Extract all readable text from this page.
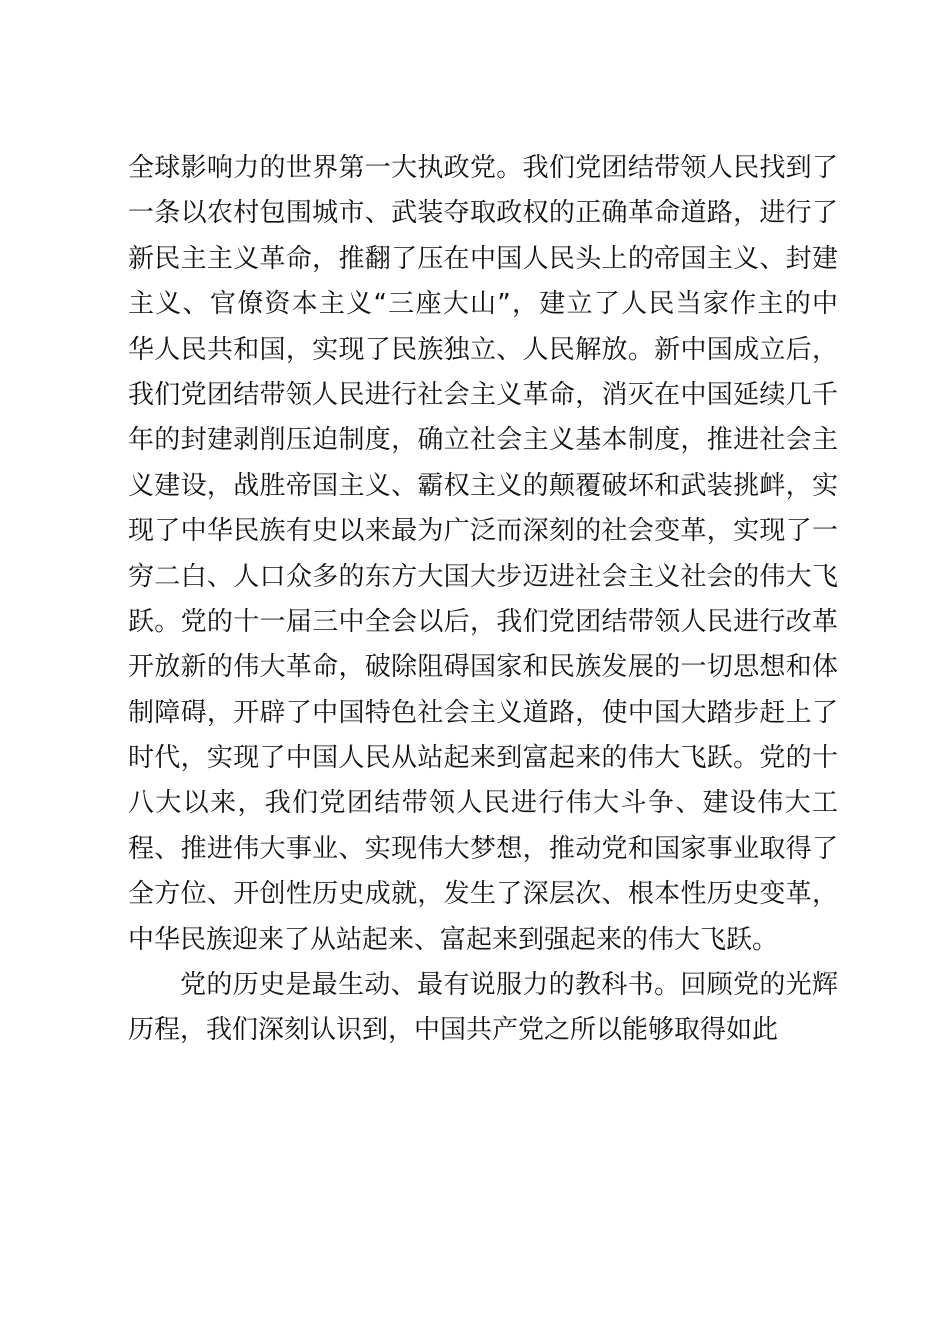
全球影响力的世界第一大执政党。我们党团结带领人民找到了
一条以农村包围城市、武装夺取政权的正确革命道路，进行了
新民主主义革命，推翻了压在中国人民头上的帝国主义、封建
主义、官僚资本主义“三座大山”，建立了人民当家作主的中
华人民共和国，实现了民族独立、人民解放。新中国成立后，
我们党团结带领人民进行社会主义革命，消灭在中国延续几千
年的封建剥削压迫制度，确立社会主义基本制度，推进社会主
义建设，战胜帝国主义、霸权主义的颠覆破坏和武装挑衅，实
现了中华民族有史以来最为广泛而深刻的社会变革，实现了一
穷二白、人口众多的东方大国大步迈进社会主义社会的伟大飞
跃。党的十一届三中全会以后，我们党团结带领人民进行改革
开放新的伟大革命，破除阻碍国家和民族发展的一切思想和体
制障碍，开辟了中国特色社会主义道路，使中国大踏步赶上了
时代，实现了中国人民从站起来到富起来的伟大飞跃。党的十
八大以来，我们党团结带领人民进行伟大斗争、建设伟大工
程、推进伟大事业、实现伟大梦想，推动党和国家事业取得了
全方位、开创性历史成就，发生了深层次、根本性历史变革，
中华民族迎来了从站起来、富起来到强起来的伟大飞跃。
党的历史是最生动、最有说服力的教科书。回顾党的光辉
历程，我们深刻认识到，中国共产党之所以能够取得如此
